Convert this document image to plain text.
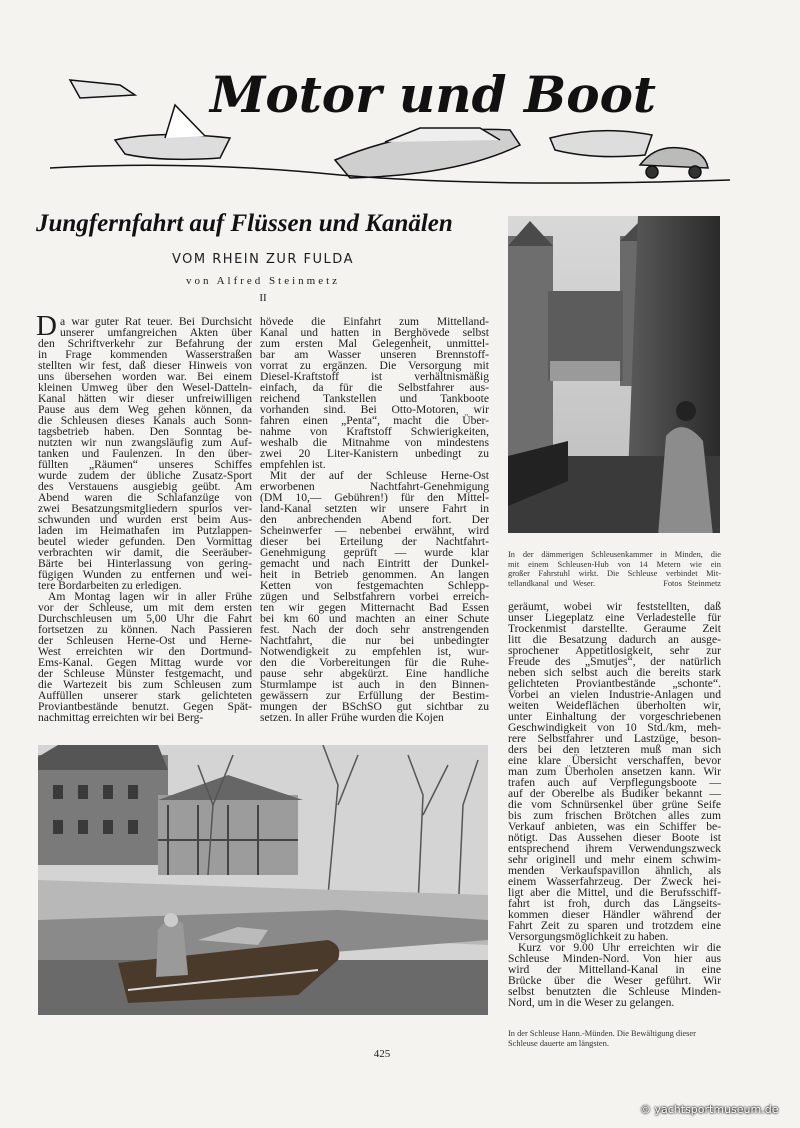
Motor und Boot
Jungfernfahrt auf Flüssen und Kanälen
VOM RHEIN ZUR FULDA
von Alfred Steinmetz
II
D a war guter Rat teuer. Bei Durchsicht
unserer umfangreichen Akten über
den Schriftverkehr zur Befahrung der
in Frage kommenden Wasserstraßen
stellten wir fest, daß dieser Hinweis von
uns übersehen worden war. Bei einem
kleinen Umweg über den Wesel-Datteln-
Kanal hätten wir dieser unfreiwilligen
Pause aus dem Weg gehen können, da
die Schleusen dieses Kanals auch Sonn-
tagsbetrieb haben. Den Sonntag be-
nutzten wir nun zwangsläufig zum Auf-
tanken und Faulenzen. In den über-
füllten „Räumen“ unseres Schiffes
wurde zudem der übliche Zusatz-Sport
des Verstauens ausgiebig geübt. Am
Abend waren die Schlafanzüge von
zwei Besatzungsmitgliedern spurlos ver-
schwunden und wurden erst beim Aus-
laden im Heimathafen im Putzlappen-
beutel wieder gefunden. Den Vormittag
verbrachten wir damit, die Seeräuber-
Bärte bei Hinterlassung von gering-
fügigen Wunden zu entfernen und wei-
tere Bordarbeiten zu erledigen.
Am Montag lagen wir in aller Frühe
vor der Schleuse, um mit dem ersten
Durchschleusen um 5,00 Uhr die Fahrt
fortsetzen zu können. Nach Passieren
der Schleusen Herne-Ost und Herne-
West erreichten wir den Dortmund-
Ems-Kanal. Gegen Mittag wurde vor
der Schleuse Münster festgemacht, und
die Wartezeit bis zum Schleusen zum
Auffüllen unserer stark gelichteten
Proviantbestände benutzt. Gegen Spät-
nachmittag erreichten wir bei Berg-
hövede die Einfahrt zum Mittelland-
Kanal und hatten in Berghövede selbst
zum ersten Mal Gelegenheit, unmittel-
bar am Wasser unseren Brennstoff-
vorrat zu ergänzen. Die Versorgung mit
Diesel-Kraftstoff ist verhältnismäßig
einfach, da für die Selbstfahrer aus-
reichend Tankstellen und Tankboote
vorhanden sind. Bei Otto-Motoren, wir
fahren einen „Penta“, macht die Über-
nahme von Kraftstoff Schwierigkeiten,
weshalb die Mitnahme von mindestens
zwei 20 Liter-Kanistern unbedingt zu
empfehlen ist.
Mit der auf der Schleuse Herne-Ost
erworbenen Nachtfahrt-Genehmigung
(DM 10,— Gebühren!) für den Mittel-
land-Kanal setzten wir unsere Fahrt in
den anbrechenden Abend fort. Der
Scheinwerfer — nebenbei erwähnt, wird
dieser bei Erteilung der Nachtfahrt-
Genehmigung geprüft — wurde klar
gemacht und nach Eintritt der Dunkel-
heit in Betrieb genommen. An langen
Ketten von festgemachten Schlepp-
zügen und Selbstfahrern vorbei erreich-
ten wir gegen Mitternacht Bad Essen
bei km 60 und machten an einer Schute
fest. Nach der doch sehr anstrengenden
Nachtfahrt, die nur bei unbedingter
Notwendigkeit zu empfehlen ist, wur-
den die Vorbereitungen für die Ruhe-
pause sehr abgekürzt. Eine handliche
Sturmlampe ist auch in den Binnen-
gewässern zur Erfüllung der Bestim-
mungen der BSchSO gut sichtbar zu
setzen. In aller Frühe wurden die Kojen
geräumt, wobei wir feststellten, daß
unser Liegeplatz eine Verladestelle für
Trockenmist darstellte. Geraume Zeit
litt die Besatzung dadurch an ausge-
sprochener Appetitlosigkeit, sehr zur
Freude des „Smutjes“, der natürlich
neben sich selbst auch die bereits stark
gelichteten Proviantbestände „schonte“.
Vorbei an vielen Industrie-Anlagen und
weiten Weideflächen überholten wir,
unter Einhaltung der vorgeschriebenen
Geschwindigkeit von 10 Std./km, meh-
rere Selbstfahrer und Lastzüge, beson-
ders bei den letzteren muß man sich
eine klare Übersicht verschaffen, bevor
man zum Überholen ansetzen kann. Wir
trafen auch auf Verpflegungsboote —
auf der Oberelbe als Budiker bekannt —
die vom Schnürsenkel über grüne Seife
bis zum frischen Brötchen alles zum
Verkauf anbieten, was ein Schiffer be-
nötigt. Das Aussehen dieser Boote ist
entsprechend ihrem Verwendungszweck
sehr originell und mehr einem schwim-
menden Verkaufspavillon ähnlich, als
einem Wasserfahrzeug. Der Zweck hei-
ligt aber die Mittel, und die Berufsschiff-
fahrt ist froh, durch das Längseits-
kommen dieser Händler während der
Fahrt Zeit zu sparen und trotzdem eine
Versorgungsmöglichkeit zu haben.
Kurz vor 9.00 Uhr erreichten wir die
Schleuse Minden-Nord. Von hier aus
wird der Mittelland-Kanal in eine
Brücke über die Weser geführt. Wir
selbst benutzten die Schleuse Minden-
Nord, um in die Weser zu gelangen.
In der dämmerigen Schleusenkammer in Minden, die
mit einem Schleusen-Hub von 14 Metern wie ein
großer Fahrstuhl wirkt. Die Schleuse verbindet Mit-
tellandkanal und Weser.            Fotos Steinmetz
In der Schleuse Hann.-Münden. Die Bewältigung dieser Schleuse dauerte am längsten.
425
© yachtsportmuseum.de
